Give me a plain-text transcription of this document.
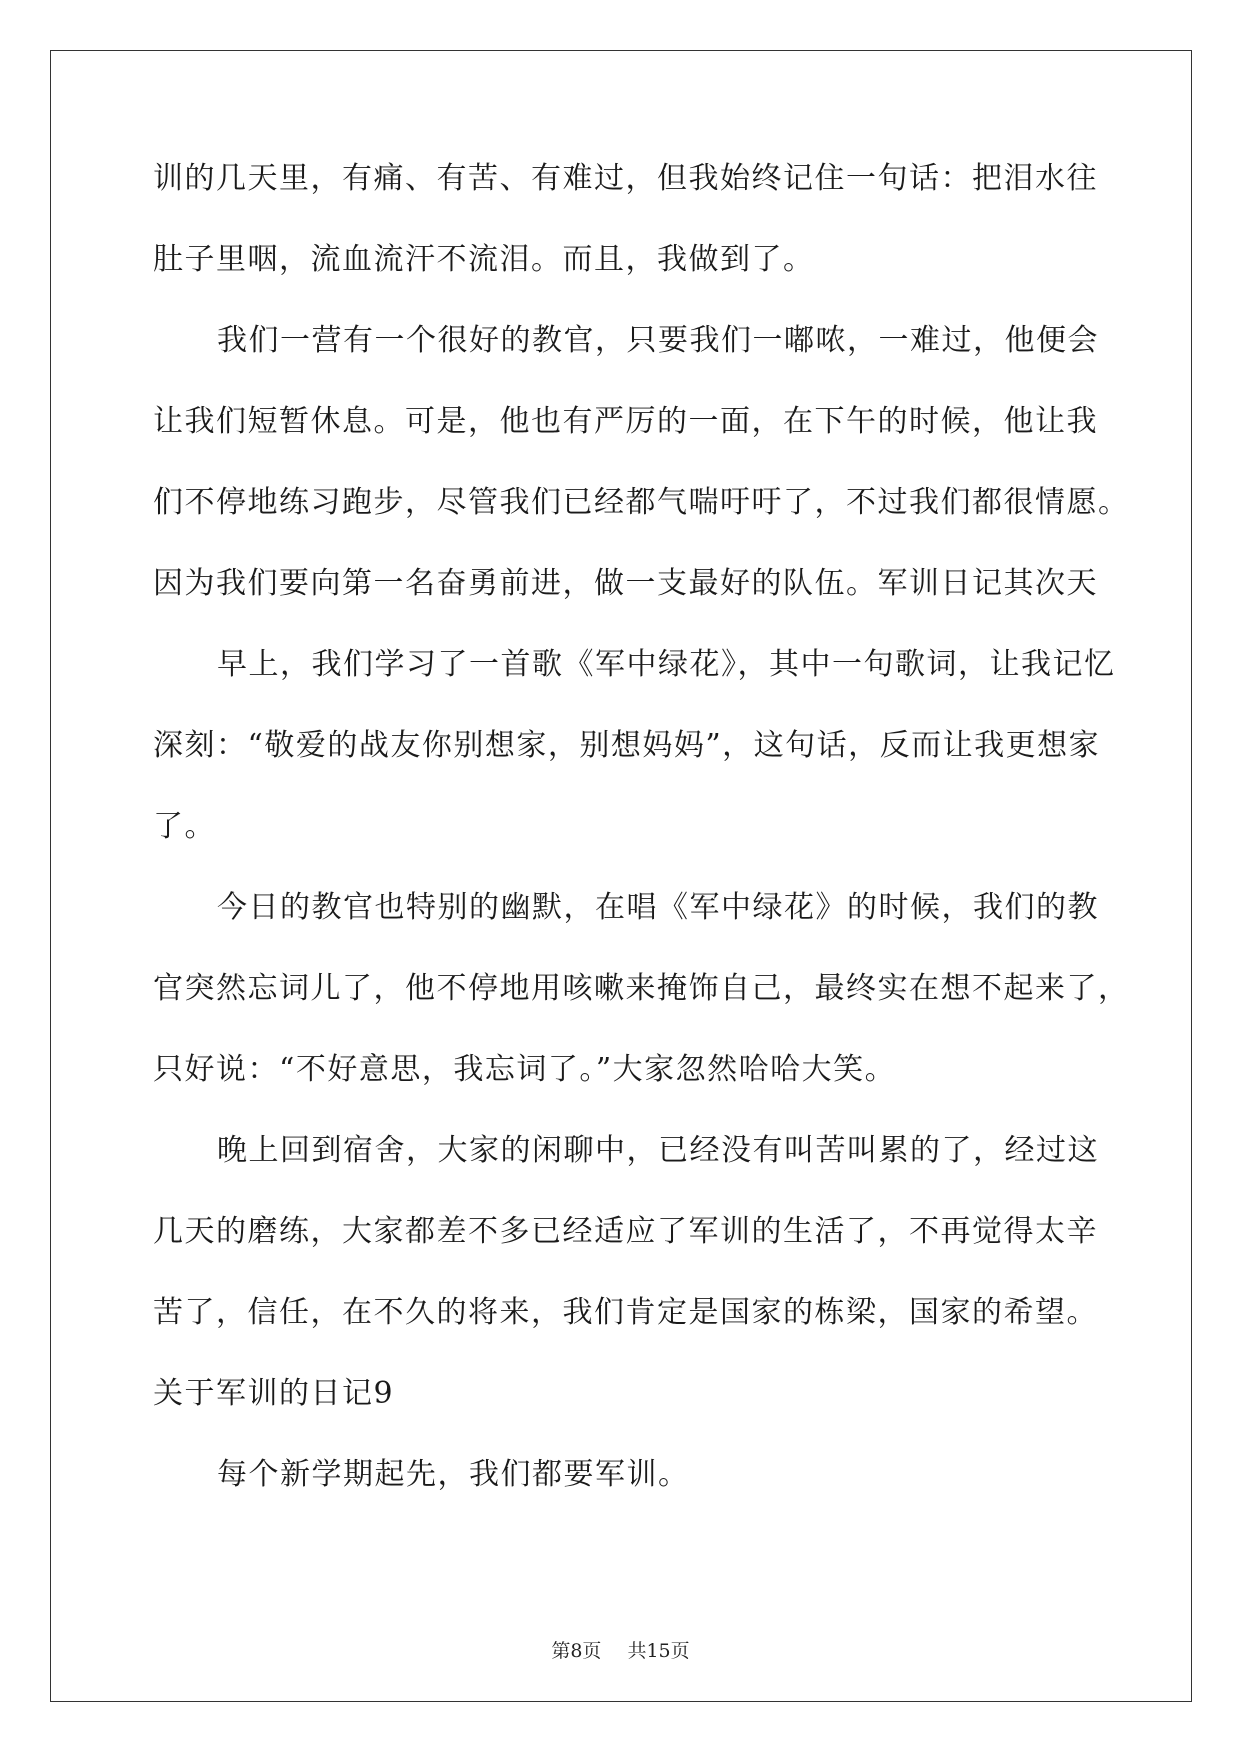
训的几天里，有痛、有苦、有难过，但我始终记住一句话：把泪水往
肚子里咽，流血流汗不流泪。而且，我做到了。
我们一营有一个很好的教官，只要我们一嘟哝，一难过，他便会
让我们短暂休息。可是，他也有严厉的一面，在下午的时候，他让我
们不停地练习跑步，尽管我们已经都气喘吁吁了，不过我们都很情愿。
因为我们要向第一名奋勇前进，做一支最好的队伍。军训日记其次天
早上，我们学习了一首歌《军中绿花》，其中一句歌词，让我记忆
深刻：“敬爱的战友你别想家，别想妈妈”，这句话，反而让我更想家
了。
今日的教官也特别的幽默，在唱《军中绿花》的时候，我们的教
官突然忘词儿了，他不停地用咳嗽来掩饰自己，最终实在想不起来了，
只好说：“不好意思，我忘词了。”大家忽然哈哈大笑。
晚上回到宿舍，大家的闲聊中，已经没有叫苦叫累的了，经过这
几天的磨练，大家都差不多已经适应了军训的生活了，不再觉得太辛
苦了，信任，在不久的将来，我们肯定是国家的栋梁，国家的希望。
关于军训的日记9
每个新学期起先，我们都要军训。
第8页 共15页
